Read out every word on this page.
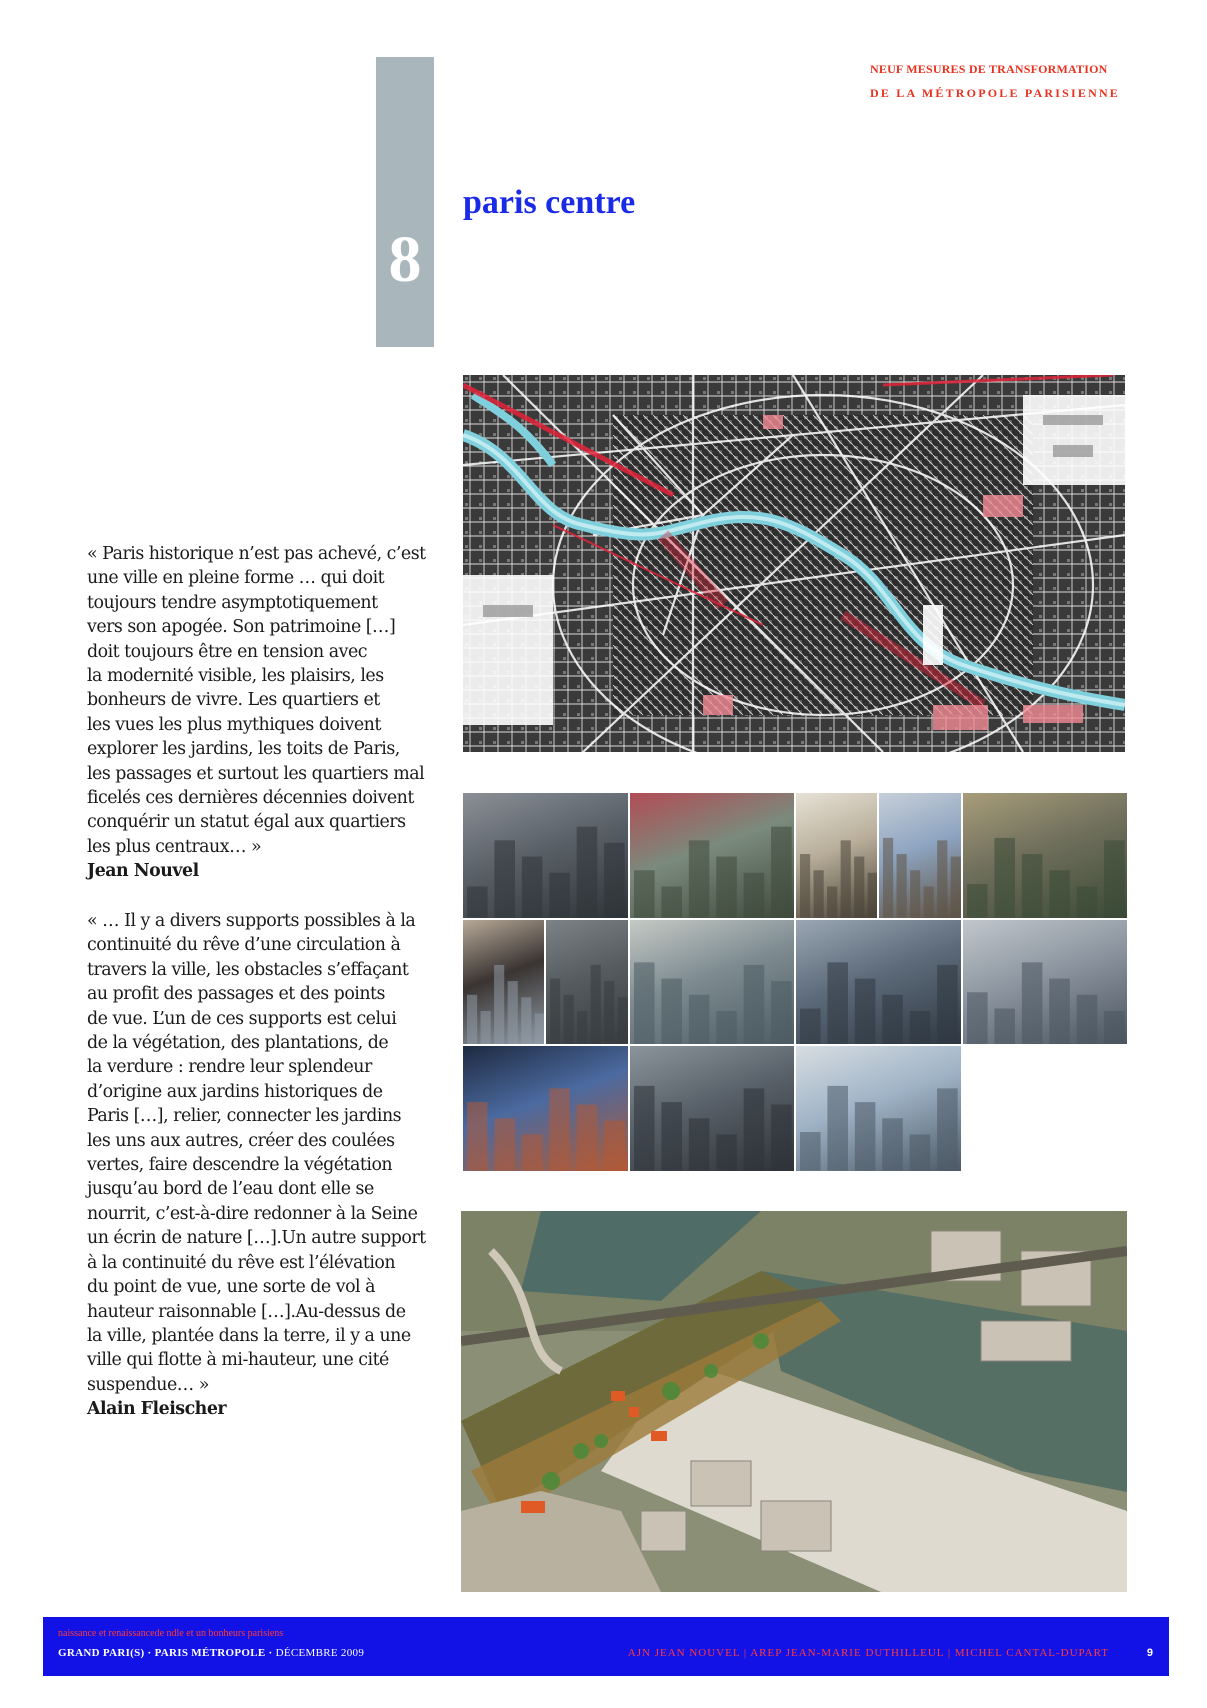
NEUF MESURES DE TRANSFORMATION
DE LA MÉTROPOLE PARISIENNE
8
paris centre
« Paris historique n’est pas achevé, c’est
une ville en pleine forme … qui doit
toujours tendre asymptotiquement
vers son apogée. Son patrimoine […]
doit toujours être en tension avec
la modernité visible, les plaisirs, les
bonheurs de vivre. Les quartiers et
les vues les plus mythiques doivent
explorer les jardins, les toits de Paris,
les passages et surtout les quartiers mal
ficelés ces dernières décennies doivent
conquérir un statut égal aux quartiers
les plus centraux… »
Jean Nouvel
« … Il y a divers supports possibles à la
continuité du rêve d’une circulation à
travers la ville, les obstacles s’effaçant
au profit des passages et des points
de vue. L’un de ces supports est celui
de la végétation, des plantations, de
la verdure : rendre leur splendeur
d’origine aux jardins historiques de
Paris […], relier, connecter les jardins
les uns aux autres, créer des coulées
vertes, faire descendre la végétation
jusqu’au bord de l’eau dont elle se
nourrit, c’est-à-dire redonner à la Seine
un écrin de nature […].Un autre support
à la continuité du rêve est l’élévation
du point de vue, une sorte de vol à
hauteur raisonnable […].Au-dessus de
la ville, plantée dans la terre, il y a une
ville qui flotte à mi-hauteur, une cité
suspendue… »
Alain Fleischer
naissance et renaissancede ndle et un bonheurs parisiens
GRAND PARI(S) · PARIS MÉTROPOLE · DÉCEMBRE 2009	AJN JEAN NOUVEL | AREP JEAN-MARIE DUTHILLEUL | MICHEL CANTAL-DUPART	9
